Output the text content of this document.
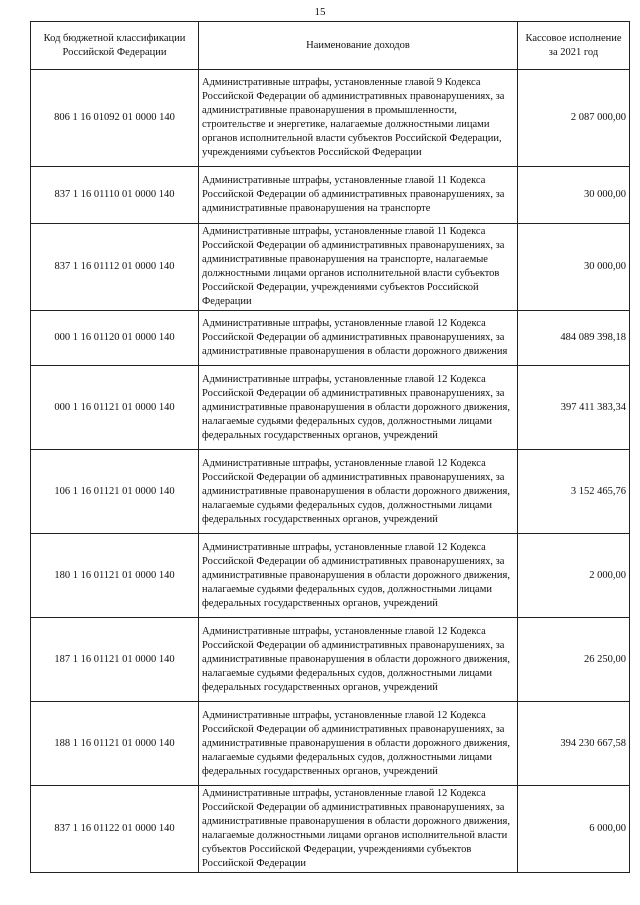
15
Код бюджетной классификации Российской Федерации	Наименование доходов	Кассовое исполнение за 2021 год
806 1 16 01092 01 0000 140	Административные штрафы, установленные главой 9 Кодекса Российской Федерации об административных правонарушениях, за административные правонарушения в промышленности, строительстве и энергетике, налагаемые должностными лицами органов исполнительной власти субъектов Российской Федерации, учреждениями субъектов Российской Федерации	2 087 000,00
837 1 16 01110 01 0000 140	Административные штрафы, установленные главой 11 Кодекса Российской Федерации об административных правонарушениях, за административные правонарушения на транспорте	30 000,00
837 1 16 01112 01 0000 140	Административные штрафы, установленные главой 11 Кодекса Российской Федерации об административных правонарушениях, за административные правонарушения на транспорте, налагаемые должностными лицами органов исполнительной власти субъектов Российской Федерации, учреждениями субъектов Российской Федерации	30 000,00
000 1 16 01120 01 0000 140	Административные штрафы, установленные главой 12 Кодекса Российской Федерации об административных правонарушениях, за административные правонарушения в области дорожного движения	484 089 398,18
000 1 16 01121 01 0000 140	Административные штрафы, установленные главой 12 Кодекса Российской Федерации об административных правонарушениях, за административные правонарушения в области дорожного движения, налагаемые судьями федеральных судов, должностными лицами федеральных государственных органов, учреждений	397 411 383,34
106 1 16 01121 01 0000 140	Административные штрафы, установленные главой 12 Кодекса Российской Федерации об административных правонарушениях, за административные правонарушения в области дорожного движения, налагаемые судьями федеральных судов, должностными лицами федеральных государственных органов, учреждений	3 152 465,76
180 1 16 01121 01 0000 140	Административные штрафы, установленные главой 12 Кодекса Российской Федерации об административных правонарушениях, за административные правонарушения в области дорожного движения, налагаемые судьями федеральных судов, должностными лицами федеральных государственных органов, учреждений	2 000,00
187 1 16 01121 01 0000 140	Административные штрафы, установленные главой 12 Кодекса Российской Федерации об административных правонарушениях, за административные правонарушения в области дорожного движения, налагаемые судьями федеральных судов, должностными лицами федеральных государственных органов, учреждений	26 250,00
188 1 16 01121 01 0000 140	Административные штрафы, установленные главой 12 Кодекса Российской Федерации об административных правонарушениях, за административные правонарушения в области дорожного движения, налагаемые судьями федеральных судов, должностными лицами федеральных государственных органов, учреждений	394 230 667,58
837 1 16 01122 01 0000 140	Административные штрафы, установленные главой 12 Кодекса Российской Федерации об административных правонарушениях, за административные правонарушения в области дорожного движения, налагаемые должностными лицами органов исполнительной власти субъектов Российской Федерации, учреждениями субъектов Российской Федерации	6 000,00
